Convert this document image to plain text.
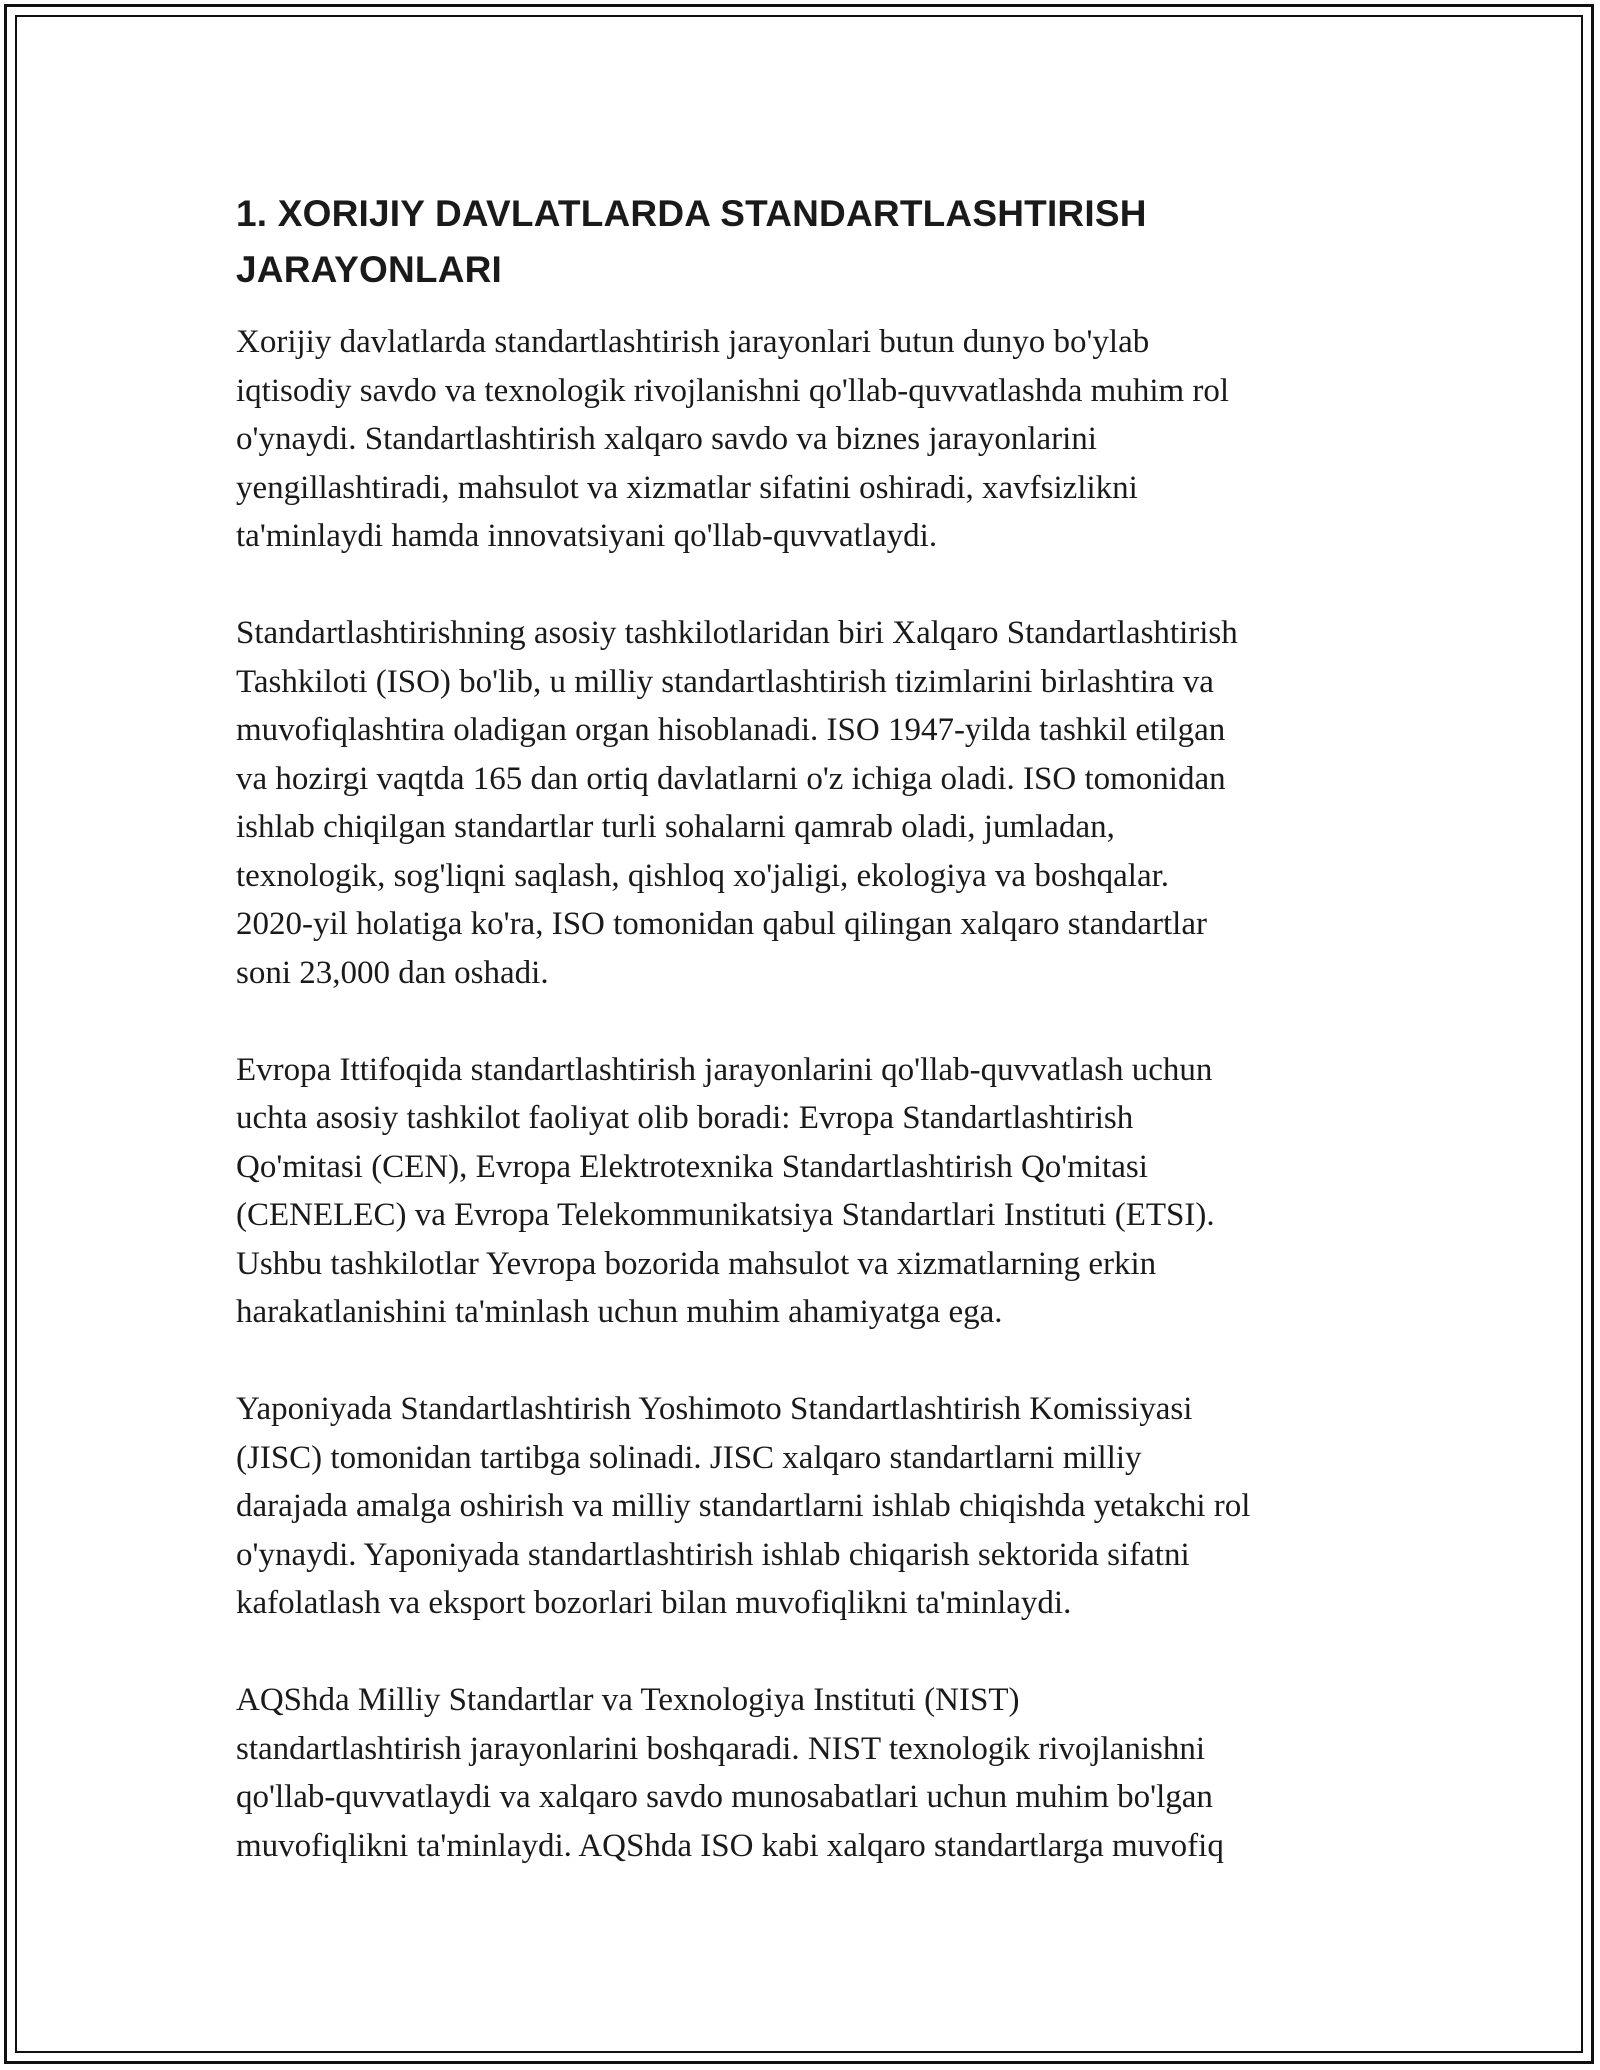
1. XORIJIY DAVLATLARDA STANDARTLASHTIRISH
JARAYONLARI

Xorijiy davlatlarda standartlashtirish jarayonlari butun dunyo bo'ylab
iqtisodiy savdo va texnologik rivojlanishni qo'llab-quvvatlashda muhim rol
o'ynaydi. Standartlashtirish xalqaro savdo va biznes jarayonlarini
yengillashtiradi, mahsulot va xizmatlar sifatini oshiradi, xavfsizlikni
ta'minlaydi hamda innovatsiyani qo'llab-quvvatlaydi.

Standartlashtirishning asosiy tashkilotlaridan biri Xalqaro Standartlashtirish
Tashkiloti (ISO) bo'lib, u milliy standartlashtirish tizimlarini birlashtira va
muvofiqlashtira oladigan organ hisoblanadi. ISO 1947-yilda tashkil etilgan
va hozirgi vaqtda 165 dan ortiq davlatlarni o'z ichiga oladi. ISO tomonidan
ishlab chiqilgan standartlar turli sohalarni qamrab oladi, jumladan,
texnologik, sog'liqni saqlash, qishloq xo'jaligi, ekologiya va boshqalar.
2020-yil holatiga ko'ra, ISO tomonidan qabul qilingan xalqaro standartlar
soni 23,000 dan oshadi.

Evropa Ittifoqida standartlashtirish jarayonlarini qo'llab-quvvatlash uchun
uchta asosiy tashkilot faoliyat olib boradi: Evropa Standartlashtirish
Qo'mitasi (CEN), Evropa Elektrotexnika Standartlashtirish Qo'mitasi
(CENELEC) va Evropa Telekommunikatsiya Standartlari Instituti (ETSI).
Ushbu tashkilotlar Yevropa bozorida mahsulot va xizmatlarning erkin
harakatlanishini ta'minlash uchun muhim ahamiyatga ega.

Yaponiyada Standartlashtirish Yoshimoto Standartlashtirish Komissiyasi
(JISC) tomonidan tartibga solinadi. JISC xalqaro standartlarni milliy
darajada amalga oshirish va milliy standartlarni ishlab chiqishda yetakchi rol
o'ynaydi. Yaponiyada standartlashtirish ishlab chiqarish sektorida sifatni
kafolatlash va eksport bozorlari bilan muvofiqlikni ta'minlaydi.

AQShda Milliy Standartlar va Texnologiya Instituti (NIST)
standartlashtirish jarayonlarini boshqaradi. NIST texnologik rivojlanishni
qo'llab-quvvatlaydi va xalqaro savdo munosabatlari uchun muhim bo'lgan
muvofiqlikni ta'minlaydi. AQShda ISO kabi xalqaro standartlarga muvofiq
